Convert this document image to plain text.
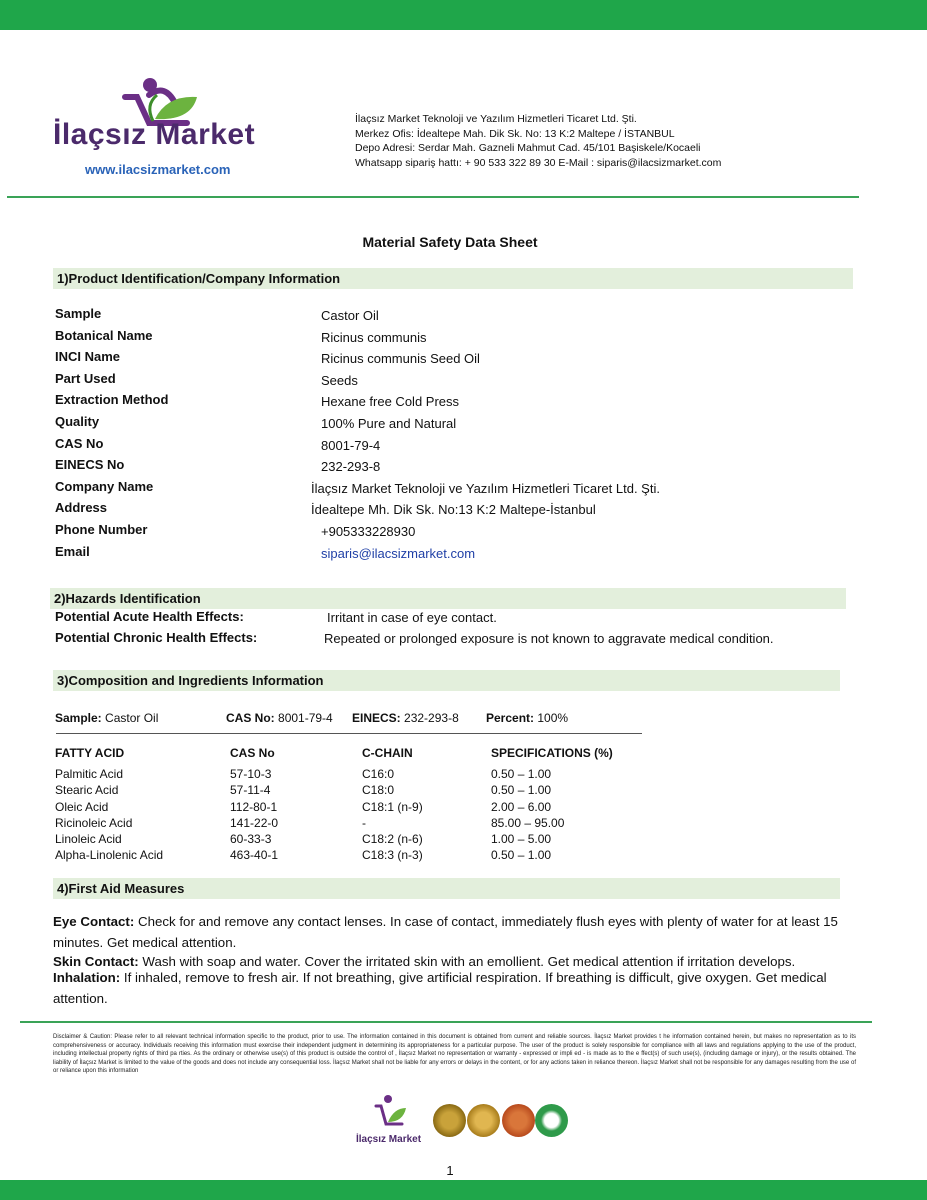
İlaçsız Market
www.ilacsizmarket.com
İlaçsız Market Teknoloji ve Yazılım Hizmetleri Ticaret Ltd. Şti.
Merkez Ofis: İdealtepe Mah. Dik Sk. No: 13 K:2 Maltepe / İSTANBUL
Depo Adresi: Serdar Mah. Gazneli Mahmut Cad. 45/101 Başiskele/Kocaeli
Whatsapp sipariş hattı: + 90 533 322 89 30 E-Mail : siparis@ilacsizmarket.com
Material Safety Data Sheet
1)Product Identification/Company Information
Sample	Castor Oil
Botanical Name	Ricinus communis
INCI Name	Ricinus communis Seed Oil
Part Used	Seeds
Extraction Method	Hexane free Cold Press
Quality	100% Pure and Natural
CAS No	8001-79-4
EINECS No	232-293-8
Company Name	İlaçsız Market Teknoloji ve Yazılım Hizmetleri Ticaret Ltd. Şti.
Address	İdealtepe Mh. Dik Sk. No:13 K:2 Maltepe-İstanbul
Phone Number	+905333228930
Email	siparis@ilacsizmarket.com
2)Hazards Identification
Potential Acute Health Effects:	Irritant in case of eye contact.
Potential Chronic Health Effects:	Repeated or prolonged exposure is not known to aggravate medical condition.
3)Composition and Ingredients Information
Sample: Castor Oil	CAS No: 8001-79-4 EINECS: 232-293-8 Percent: 100%
FATTY ACID	CAS No	C-CHAIN	SPECIFICATIONS (%)
Palmitic Acid	57-10-3	C16:0	0.50 – 1.00
Stearic Acid	57-11-4	C18:0	0.50 – 1.00
Oleic Acid	112-80-1	C18:1 (n-9)	2.00 – 6.00
Ricinoleic Acid	141-22-0	-	85.00 – 95.00
Linoleic Acid	60-33-3	C18:2 (n-6)	1.00 – 5.00
Alpha-Linolenic Acid	463-40-1	C18:3 (n-3)	0.50 – 1.00
4)First Aid Measures
Eye Contact: Check for and remove any contact lenses. In case of contact, immediately flush eyes with plenty of water for at least 15 minutes. Get medical attention.
Skin Contact: Wash with soap and water. Cover the irritated skin with an emollient. Get medical attention if irritation develops.
Inhalation: If inhaled, remove to fresh air. If not breathing, give artificial respiration. If breathing is difficult, give oxygen. Get medical attention.
Disclaimer & Caution: Please refer to all relevant technical information specific to the product, prior to use. The information contained in this document is obtained from current and reliable sources. İlaçsız Market provides t he information contained herein, but makes no representation as to its comprehensiveness or accuracy. Individuals receiving this information must exercise their independent judgment in determining its appropriateness for a particular purpose. The user of the product is solely responsible for compliance with all laws and regulations applying to the use of the product, including intellectual property rights of third pa rties. As the ordinary or otherwise use(s) of this product is outside the control of , İlaçsız Market no representation or warranty - expressed or impli ed - is made as to the e ffect(s) of such use(s), (including damage or injury), or the results obtained. The liability of İlaçsız Market is limited to the value of the goods and does not include any consequential loss. İlaçsız Market shall not be liable for any errors or delays in the content, or for any actions taken in reliance thereon. İlaçsız Market shall not be responsible for any damages resulting from the use of or reliance upon this information
İlaçsız Market
1
